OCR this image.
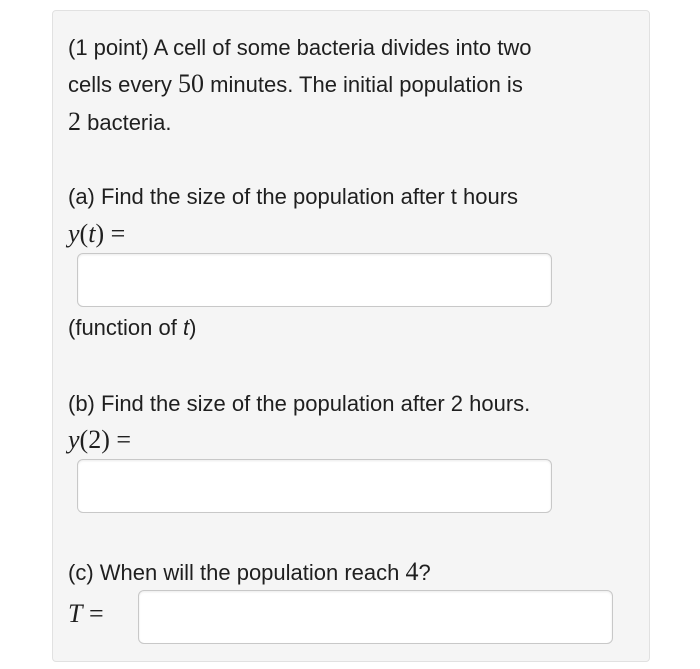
(1 point) A cell of some bacteria divides into two
cells every 50 minutes. The initial population is
2 bacteria.
(a) Find the size of the population after t hours
y(t) =
(function of t)
(b) Find the size of the population after 2 hours.
y(2) =
(c) When will the population reach 4?
T =
